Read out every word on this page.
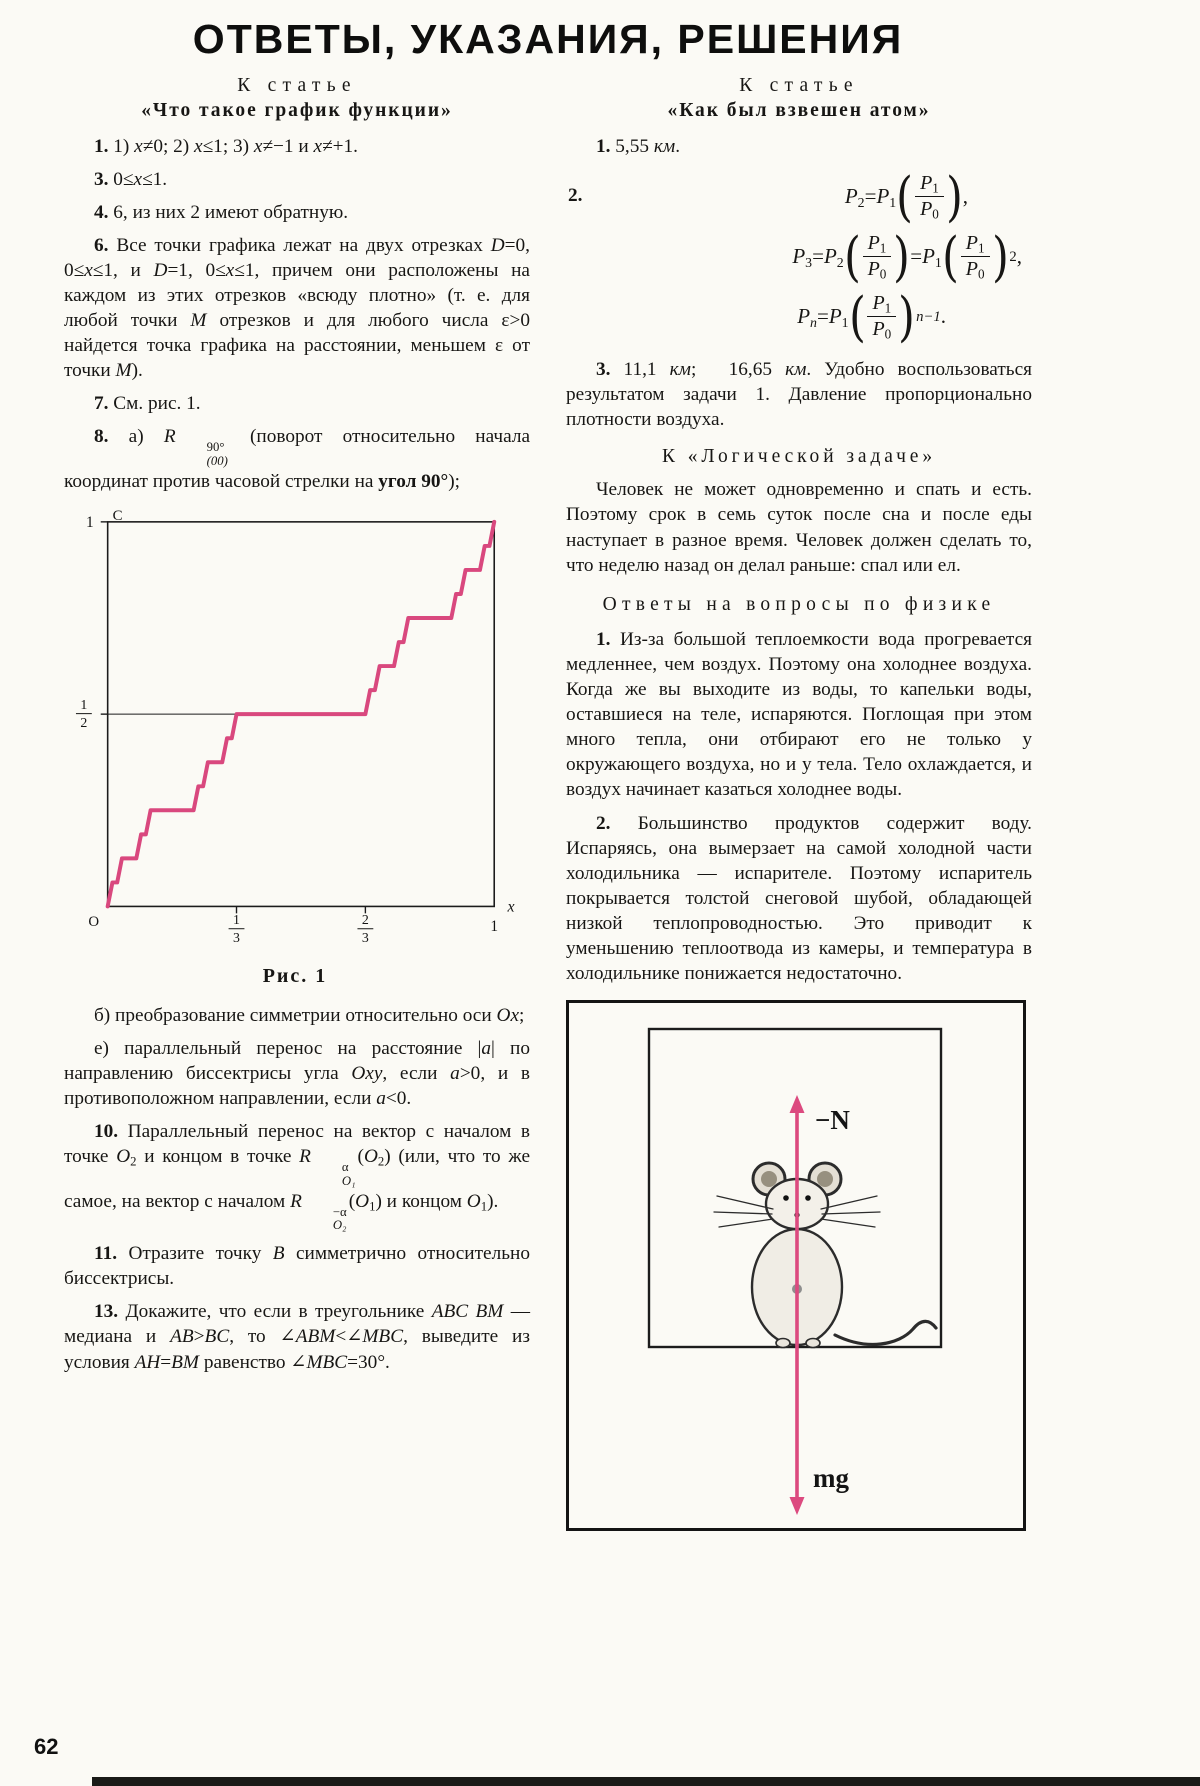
ОТВЕТЫ, УКАЗАНИЯ, РЕШЕНИЯ
К статье
«Что такое график функции»

1. 1) x≠0; 2) x≤1; 3) x≠−1 и x≠+1.

3. 0≤x≤1.

4. 6, из них 2 имеют обратную.

6. Все точки графика лежат на двух отрезках D=0, 0≤x≤1, и D=1, 0≤x≤1, причем они расположены на каждом из этих отрезков «всюду плотно» (т. е. для любой точки M отрезков и для любого числа ε>0 найдется точка графика на расстоянии, меньшем ε от точки M).

7. См. рис. 1.

8. а) R	90°
(00)
(поворот относительно начала координат против часовой стрелки на угол 90°);

1
3
2
3
1
1
2
1
O
x
C
Рис. 1

б) преобразование симметрии относительно оси Ox;

е) параллельный перенос на расстояние |a| по направлению биссектрисы угла Oxy, если a>0, и в противоположном направлении, если a<0.

10. Параллельный перенос на вектор с началом в точке $O_2$ и концом в точке R	α
O₁
$(O_2)$ (или, что то же самое, на вектор с началом R	−α
O₂
$(O_1)$ и концом $O_1$).

11. Отразите точку B симметрично относительно биссектрисы.

13. Докажите, что если в треугольнике ABC BM — медиана и AB>BC, то ∠ABM<∠MBC, выведите из условия AH=BM равенство ∠MBC=30°.

К статье
«Как был взвешен атом»

1. 5,55 км.

2.	$P_2 = P_1$ ( $\frac{P_1}{P_0}$ ) ,
$P_3 = P_2$ ( $\frac{P_1}{P_0}$ ) = $P_1$ ( $\frac{P_1}{P_0}$ ) 2 ,
$P_n = P_1$ ( $\frac{P_1}{P_0}$ ) n−1 .

3. 11,1 км;  16,65 км. Удобно воспользоваться результатом задачи 1. Давление пропорционально плотности воздуха.

К «Логической задаче»

Человек не может одновременно и спать и есть. Поэтому срок в семь суток после сна и после еды наступает в разное время. Человек должен сделать то, что неделю назад он делал раньше: спал или ел.

Ответы на вопросы по физике

1. Из-за большой теплоемкости вода прогревается медленнее, чем воздух. Поэтому она холоднее воздуха. Когда же вы выходите из воды, то капельки воды, оставшиеся на теле, испаряются. Поглощая при этом много тепла, они отбирают его не только у окружающего воздуха, но и у тела. Тело охлаждается, и воздух начинает казаться холоднее воды.

2. Большинство продуктов содержит воду. Испаряясь, она вымерзает на самой холодной части холодильника — испарителе. Поэтому испаритель покрывается толстой снеговой шубой, обладающей низкой теплопроводностью. Это приводит к уменьшению теплоотвода из камеры, и температура в холодильнике понижается недостаточно.

−N
mg
62
